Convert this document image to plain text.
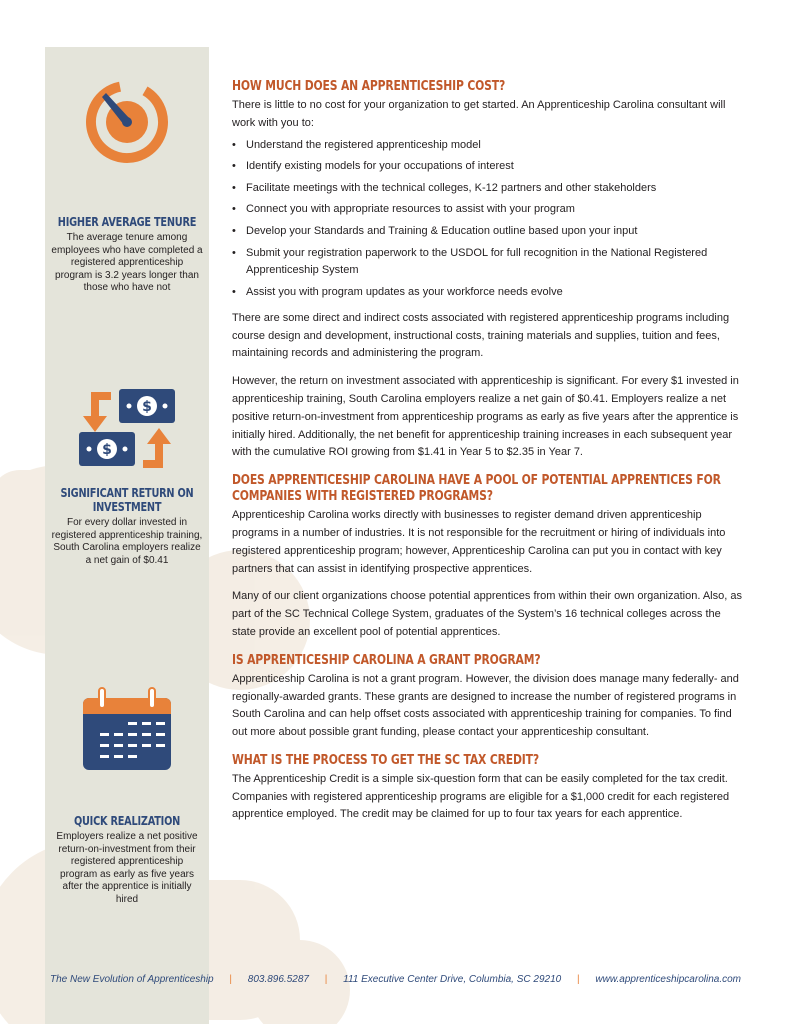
HIGHER AVERAGE TENURE
The average tenure among employees who have completed a registered apprenticeship program is 3.2 years longer than those who have not
$
$
SIGNIFICANT RETURN ON INVESTMENT
For every dollar invested in registered apprenticeship training, South Carolina employers realize a net gain of $0.41
QUICK REALIZATION
Employers realize a net positive return-on-investment from their registered apprenticeship program as early as five years after the apprentice is initially hired
HOW MUCH DOES AN APPRENTICESHIP COST?

There is little to no cost for your organization to get started. An Apprenticeship Carolina consultant will work with you to:

• Understand the registered apprenticeship model
• Identify existing models for your occupations of interest
• Facilitate meetings with the technical colleges, K-12 partners and other stakeholders
• Connect you with appropriate resources to assist with your program
• Develop your Standards and Training & Education outline based upon your input
• Submit your registration paperwork to the USDOL for full recognition in the National Registered Apprenticeship System
• Assist you with program updates as your workforce needs evolve

There are some direct and indirect costs associated with registered apprenticeship programs including course design and development, instructional costs, training materials and supplies, tuition and fees, maintaining records and administering the program.

However, the return on investment associated with apprenticeship is significant. For every $1 invested in apprenticeship training, South Carolina employers realize a net gain of $0.41. Employers realize a net positive return-on-investment from apprenticeship programs as early as five years after the apprentice is initially hired. Additionally, the net benefit for apprenticeship training increases in each subsequent year with the cumulative ROI growing from $1.41 in Year 5 to $2.35 in Year 7.

DOES APPRENTICESHIP CAROLINA HAVE A POOL OF POTENTIAL APPRENTICES FOR COMPANIES WITH REGISTERED PROGRAMS?

Apprenticeship Carolina works directly with businesses to register demand driven apprenticeship programs in a number of industries. It is not responsible for the recruitment or hiring of individuals into registered apprenticeship program; however, Apprenticeship Carolina can put you in contact with key partners that can assist in identifying prospective apprentices.

Many of our client organizations choose potential apprentices from within their own organization. Also, as part of the SC Technical College System, graduates of the System’s 16 technical colleges across the state provide an excellent pool of potential apprentices.

IS APPRENTICESHIP CAROLINA A GRANT PROGRAM?

Apprenticeship Carolina is not a grant program. However, the division does manage many federally- and regionally-awarded grants. These grants are designed to increase the number of registered programs in South Carolina and can help offset costs associated with apprenticeship training for companies. To find out more about possible grant funding, please contact your apprenticeship consultant.

WHAT IS THE PROCESS TO GET THE SC TAX CREDIT?

The Apprenticeship Credit is a simple six-question form that can be easily completed for the tax credit. Companies with registered apprenticeship programs are eligible for a $1,000 credit for each registered apprentice employed. The credit may be claimed for up to four tax years for each apprentice.

The New Evolution of Apprenticeship | 803.896.5287 | 111 Executive Center Drive, Columbia, SC 29210 | www.apprenticeshipcarolina.com
